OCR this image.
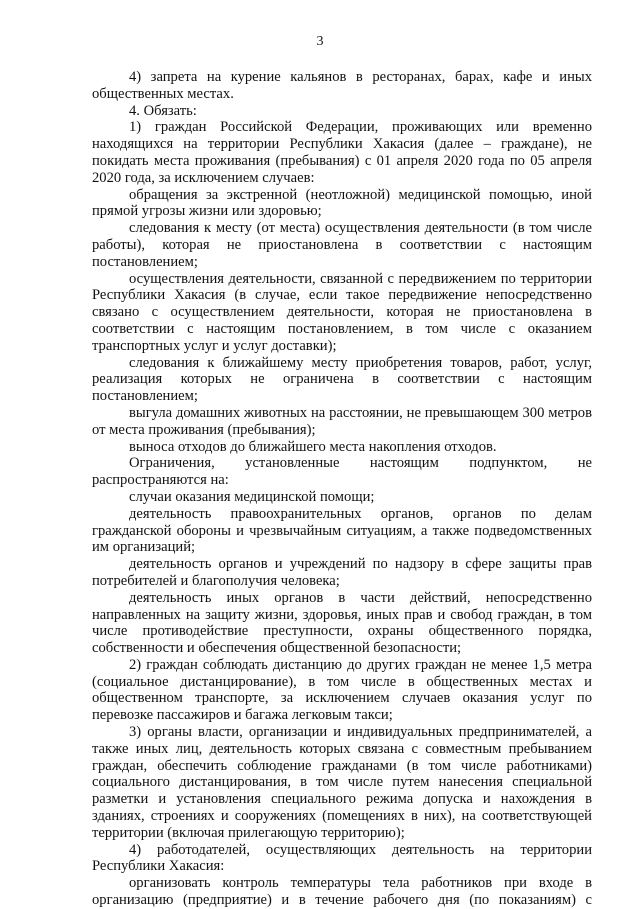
3

4) запрета на курение кальянов в ресторанах, барах, кафе и иных общественных местах.

4. Обязать:

1) граждан Российской Федерации, проживающих или временно находящихся на территории Республики Хакасия (далее – граждане), не покидать места проживания (пребывания) с 01 апреля 2020 года по 05 апреля 2020 года, за исключением случаев:

обращения за экстренной (неотложной) медицинской помощью, иной прямой угрозы жизни или здоровью;

следования к месту (от места) осуществления деятельности (в том числе работы), которая не приостановлена в соответствии с настоящим постановлением;

осуществления деятельности, связанной с передвижением по территории Республики Хакасия (в случае, если такое передвижение непосредственно связано с осуществлением деятельности, которая не приостановлена в соответствии с настоящим постановлением, в том числе с оказанием транспортных услуг и услуг доставки);

следования к ближайшему месту приобретения товаров, работ, услуг, реализация которых не ограничена в соответствии с настоящим постановлением;

выгула домашних животных на расстоянии, не превышающем 300 метров от места проживания (пребывания);

выноса отходов до ближайшего места накопления отходов.

Ограничения, установленные настоящим подпунктом, не распространяются на:

случаи оказания медицинской помощи;

деятельность правоохранительных органов, органов по делам гражданской обороны и чрезвычайным ситуациям, а также подведомственных им организаций;

деятельность органов и учреждений по надзору в сфере защиты прав потребителей и благополучия человека;

деятельность иных органов в части действий, непосредственно направленных на защиту жизни, здоровья, иных прав и свобод граждан, в том числе противодействие преступности, охраны общественного порядка, собственности и обеспечения общественной безопасности;

2) граждан соблюдать дистанцию до других граждан не менее 1,5 метра (социальное дистанцирование), в том числе в общественных местах и общественном транспорте, за исключением случаев оказания услуг по перевозке пассажиров и багажа легковым такси;

3) органы власти, организации и индивидуальных предпринимателей, а также иных лиц, деятельность которых связана с совместным пребыванием граждан, обеспечить соблюдение гражданами (в том числе работниками) социального дистанцирования, в том числе путем нанесения специальной разметки и установления специального режима допуска и нахождения в зданиях, строениях и сооружениях (помещениях в них), на соответствующей территории (включая прилегающую территорию);

4) работодателей, осуществляющих деятельность на территории Республики Хакасия:

организовать контроль температуры тела работников при входе в организацию (предприятие) и в течение рабочего дня (по показаниям) с
